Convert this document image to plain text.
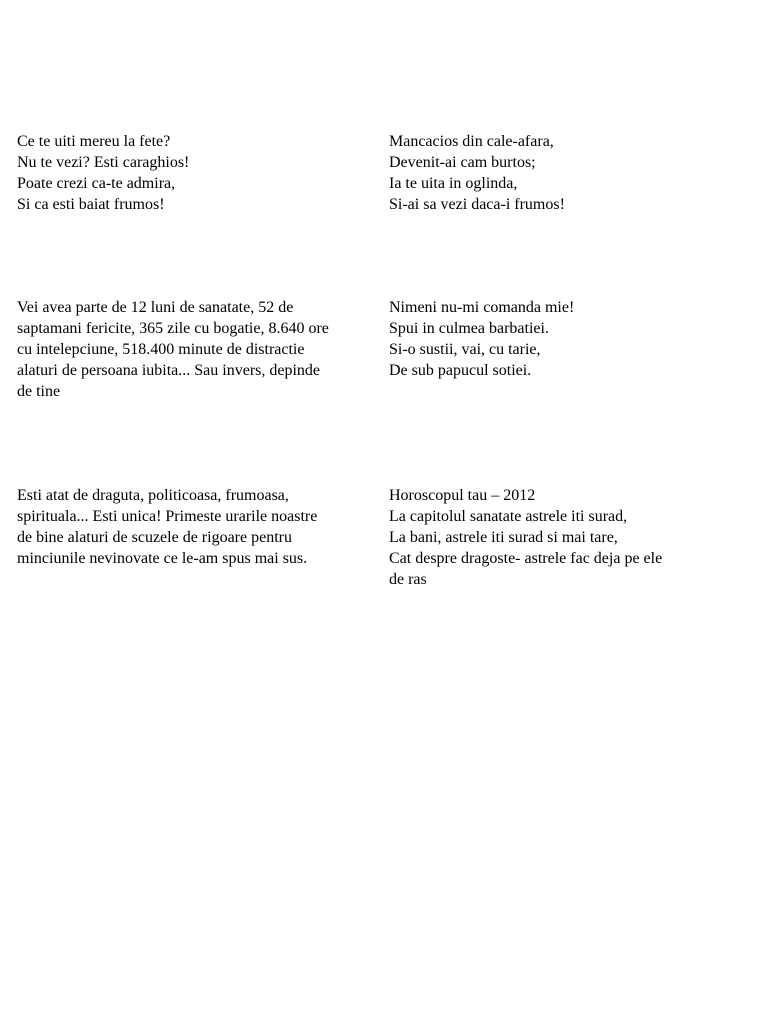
Ce te uiti mereu la fete?
Nu te vezi? Esti caraghios!
Poate crezi ca-te admira,
Si ca esti baiat frumos!
Mancacios din cale-afara,
Devenit-ai cam burtos;
Ia te uita in oglinda,
Si-ai sa vezi daca-i frumos!
Vei avea parte de 12 luni de sanatate, 52 de
saptamani fericite, 365 zile cu bogatie, 8.640 ore
cu intelepciune, 518.400 minute de distractie
alaturi de persoana iubita... Sau invers, depinde
de tine
Nimeni nu-mi comanda mie!
Spui in culmea barbatiei.
Si-o sustii, vai, cu tarie,
De sub papucul sotiei.
Esti atat de draguta, politicoasa, frumoasa,
spirituala... Esti unica! Primeste urarile noastre
de bine alaturi de scuzele de rigoare pentru
minciunile nevinovate ce le-am spus mai sus.
Horoscopul tau – 2012
La capitolul sanatate astrele iti surad,
La bani, astrele iti surad si mai tare,
Cat despre dragoste- astrele fac deja pe ele
de ras
